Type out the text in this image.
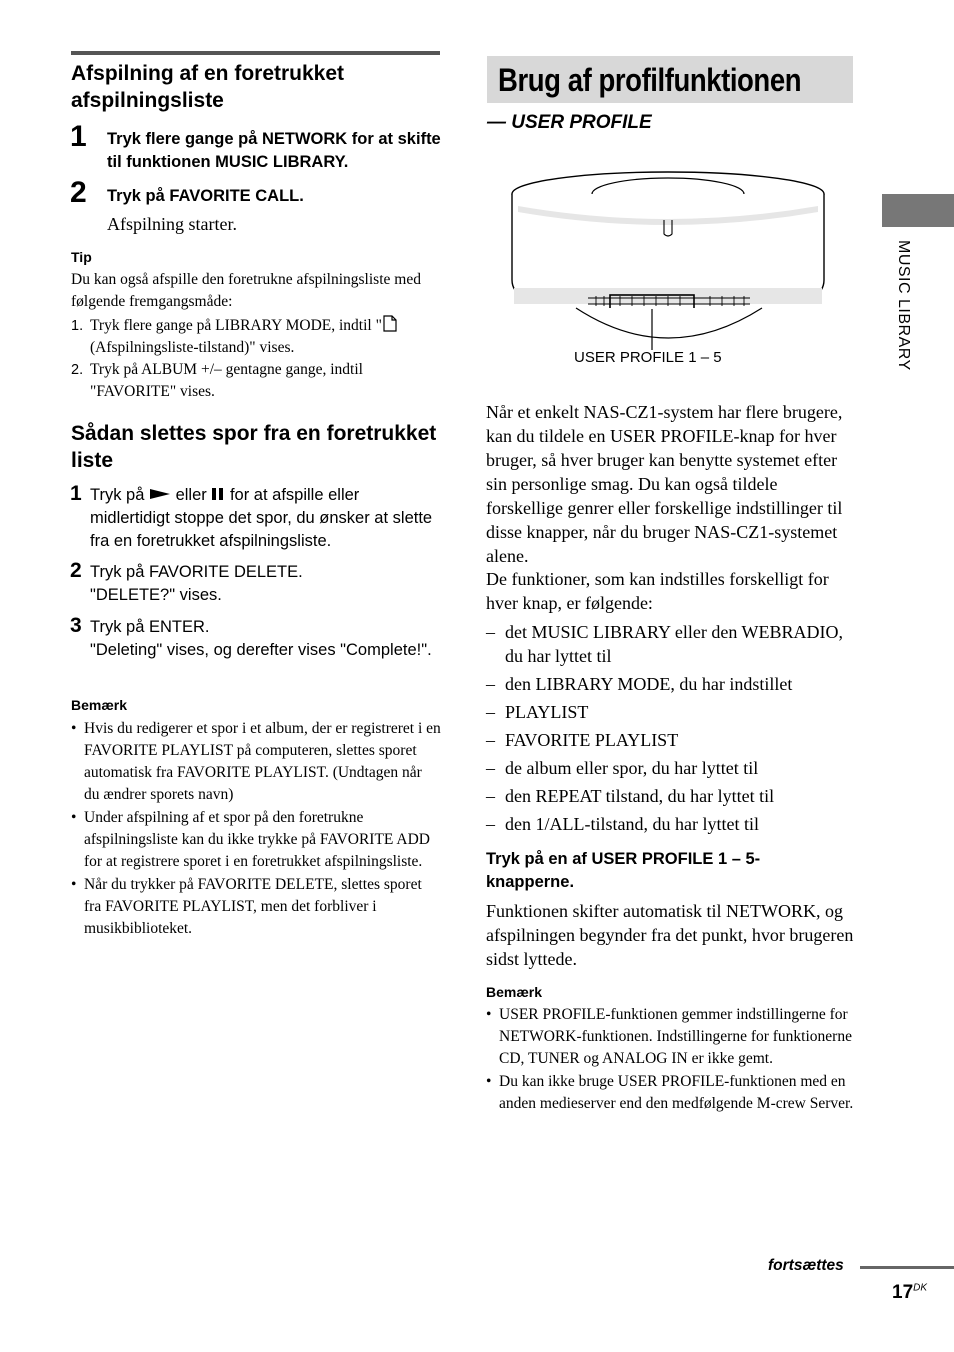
Afspilning af en foretrukket afspilningsliste
1 Tryk flere gange på NETWORK for at skifte til funktionen MUSIC LIBRARY.
2 Tryk på FAVORITE CALL.
Afspilning starter.
Tip
Du kan også afspille den foretrukne afspilningsliste med følgende fremgangsmåde:
1. Tryk flere gange på LIBRARY MODE, indtil " (Afspilningsliste-tilstand)" vises.
2. Tryk på ALBUM +/– gentagne gange, indtil "FAVORITE" vises.
Sådan slettes spor fra en foretrukket liste
1 Tryk på eller for at afspille eller midlertidigt stoppe det spor, du ønsker at slette fra en foretrukket afspilningsliste.
2 Tryk på FAVORITE DELETE.
"DELETE?" vises.
3 Tryk på ENTER.
"Deleting" vises, og derefter vises "Complete!".
Bemærk
• Hvis du redigerer et spor i et album, der er registreret i en FAVORITE PLAYLIST på computeren, slettes sporet automatisk fra FAVORITE PLAYLIST. (Undtagen når du ændrer sporets navn)
• Under afspilning af et spor på den foretrukne afspilningsliste kan du ikke trykke på FAVORITE ADD for at registrere sporet i en foretrukket afspilningsliste.
• Når du trykker på FAVORITE DELETE, slettes sporet fra FAVORITE PLAYLIST, men det forbliver i musikbiblioteket.
Brug af profilfunktionen
— USER PROFILE
USER PROFILE 1 – 5
Når et enkelt NAS-CZ1-system har flere brugere, kan du tildele en USER PROFILE-knap for hver bruger, så hver bruger kan benytte systemet efter sin personlige smag. Du kan også tildele forskellige genrer eller forskellige indstillinger til disse knapper, når du bruger NAS-CZ1-systemet alene.
De funktioner, som kan indstilles forskelligt for hver knap, er følgende:
– det MUSIC LIBRARY eller den WEBRADIO, du har lyttet til
– den LIBRARY MODE, du har indstillet
– PLAYLIST
– FAVORITE PLAYLIST
– de album eller spor, du har lyttet til
– den REPEAT tilstand, du har lyttet til
– den 1/ALL-tilstand, du har lyttet til
Tryk på en af USER PROFILE 1 – 5-knapperne.
Funktionen skifter automatisk til NETWORK, og afspilningen begynder fra det punkt, hvor brugeren sidst lyttede.
Bemærk
• USER PROFILE-funktionen gemmer indstillingerne for NETWORK-funktionen. Indstillingerne for funktionerne CD, TUNER og ANALOG IN er ikke gemt.
• Du kan ikke bruge USER PROFILE-funktionen med en anden medieserver end den medfølgende M-crew Server.
MUSIC LIBRARY
fortsættes
$17^{DK}$
